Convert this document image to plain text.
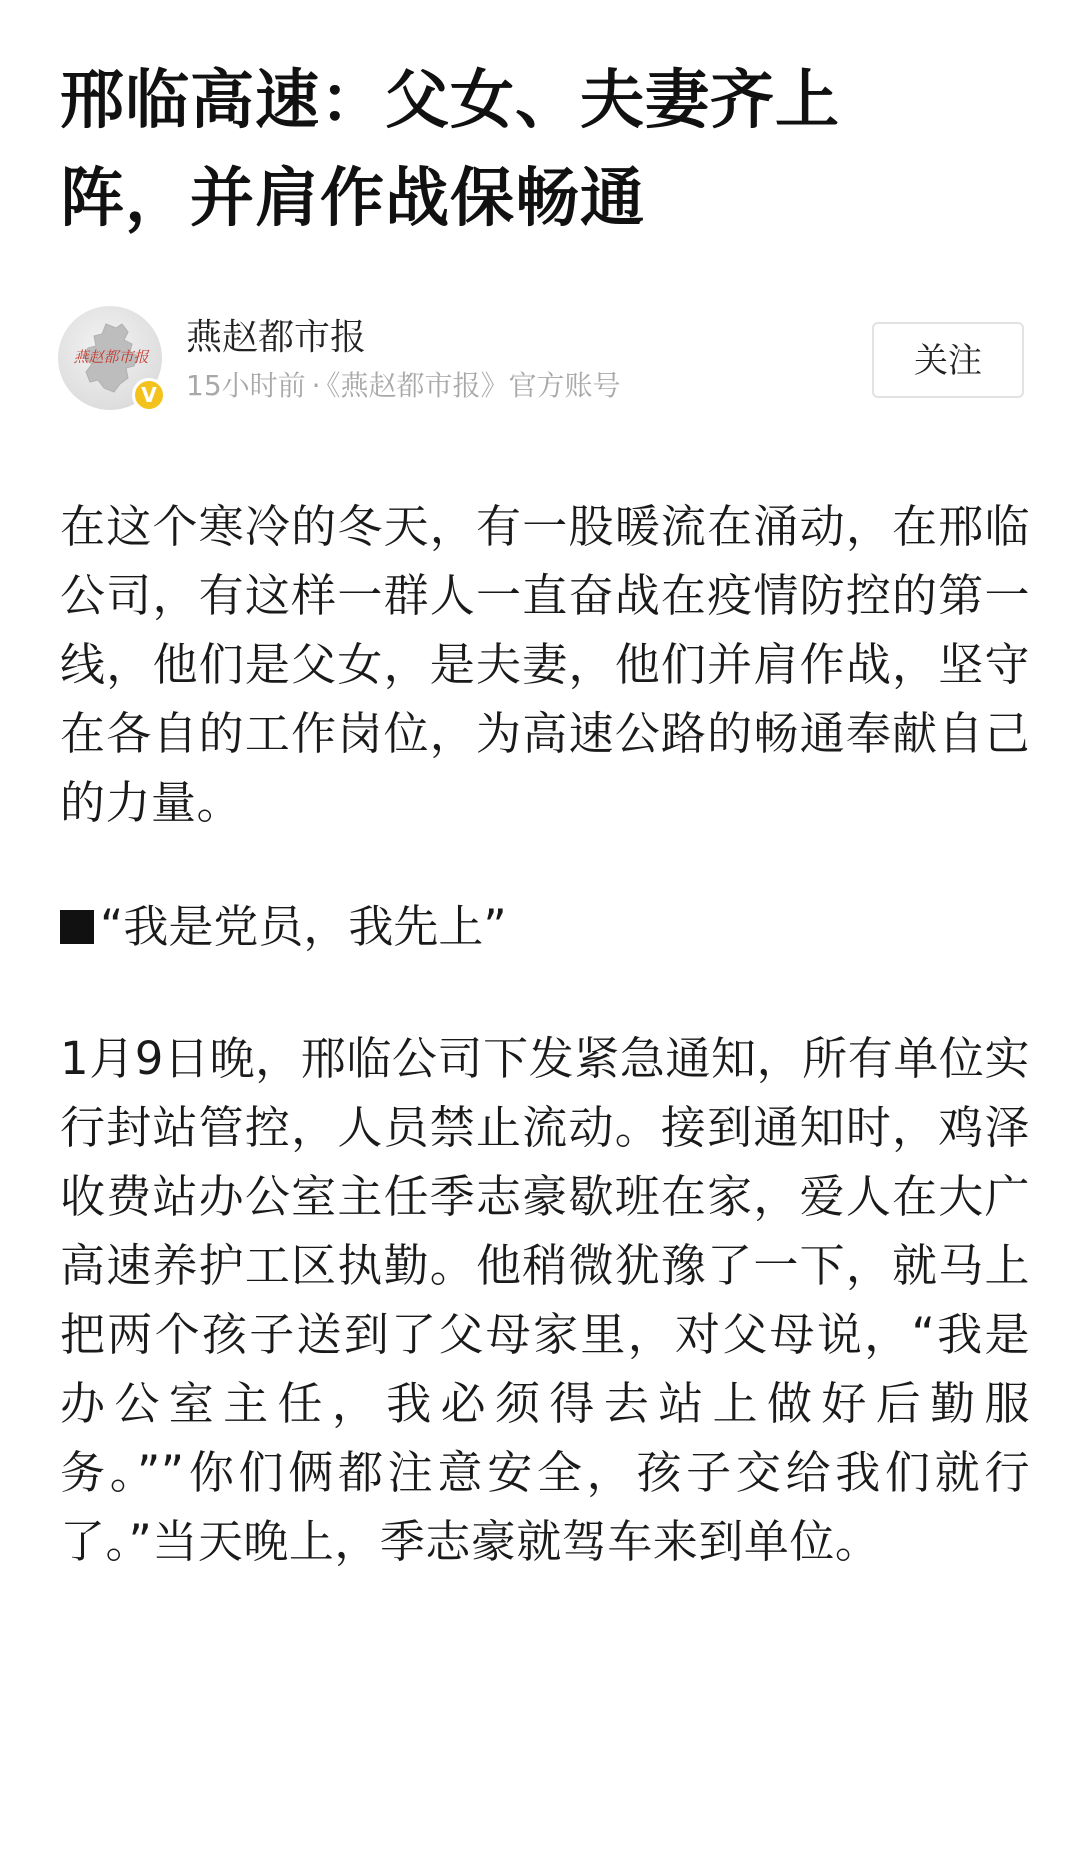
邢临高速：父女、夫妻齐上阵，并肩作战保畅通
燕赵都市报
V
燕赵都市报
15小时前 · 《燕赵都市报》官方账号
关注

在这个寒冷的冬天，有一股暖流在涌动，在邢临公司，有这样一群人一直奋战在疫情防控的第一线，他们是父女，是夫妻，他们并肩作战，坚守在各自的工作岗位，为高速公路的畅通奉献自己的力量。

“我是党员，我先上”

1月9日晚，邢临公司下发紧急通知，所有单位实行封站管控，人员禁止流动。接到通知时，鸡泽收费站办公室主任季志豪歇班在家，爱人在大广高速养护工区执勤。他稍微犹豫了一下，就马上把两个孩子送到了父母家里，对父母说，“我是办公室主任，我必须得去站上做好后勤服务。””你们俩都注意安全，孩子交给我们就行了。”当天晚上，季志豪就驾车来到单位。
